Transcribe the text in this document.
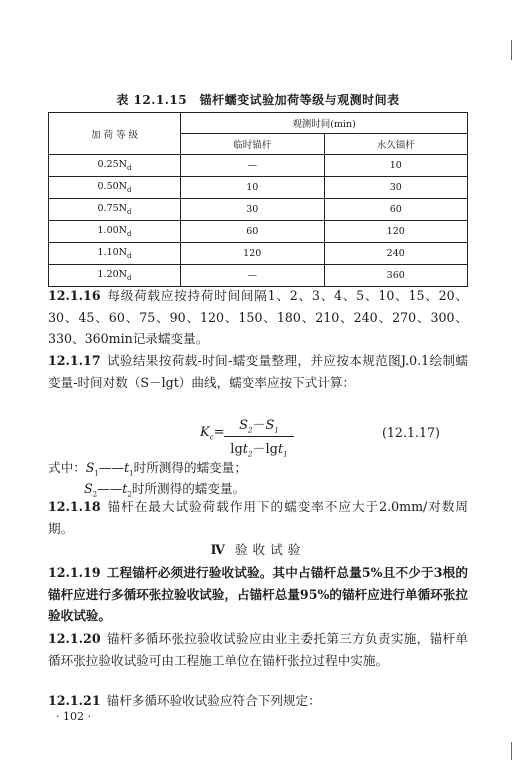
表 12.1.15　锚杆蠕变试验加荷等级与观测时间表
加 荷 等 级	观测时间(min)	
	临时锚杆	永久锚杆
$0.25N_d$	—	10
$0.50N_d$	10	30
$0.75N_d$	30	60
$1.00N_d$	60	120
$1.10N_d$	120	240
$1.20N_d$	—	360

12.1.16 每级荷载应按持荷时间间隔1、2、3、4、5、10、15、20、30、45、60、75、90、120、150、180、210、240、270、300、330、360min记录蠕变量。

12.1.17 试验结果按荷载-时间-蠕变量整理，并应按本规范图J.0.1绘制蠕变量-时间对数（S－lgt）曲线，蠕变率应按下式计算：

$K_c= \frac{S_2-S_1}{\lg t_2-\lg t_1}$	(12.1.17)

式中：$S_1——t_1$时所测得的蠕变量；

$S_2——t_2$时所测得的蠕变量。

12.1.18 锚杆在最大试验荷载作用下的蠕变率不应大于2.0mm/对数周期。

Ⅳ 验收试验

12.1.19 工程锚杆必须进行验收试验。其中占锚杆总量5%且不少于3根的锚杆应进行多循环张拉验收试验，占锚杆总量95%的锚杆应进行单循环张拉验收试验。

12.1.20 锚杆多循环张拉验收试验应由业主委托第三方负责实施，锚杆单循环张拉验收试验可由工程施工单位在锚杆张拉过程中实施。

12.1.21 锚杆多循环验收试验应符合下列规定：

· 102 ·
